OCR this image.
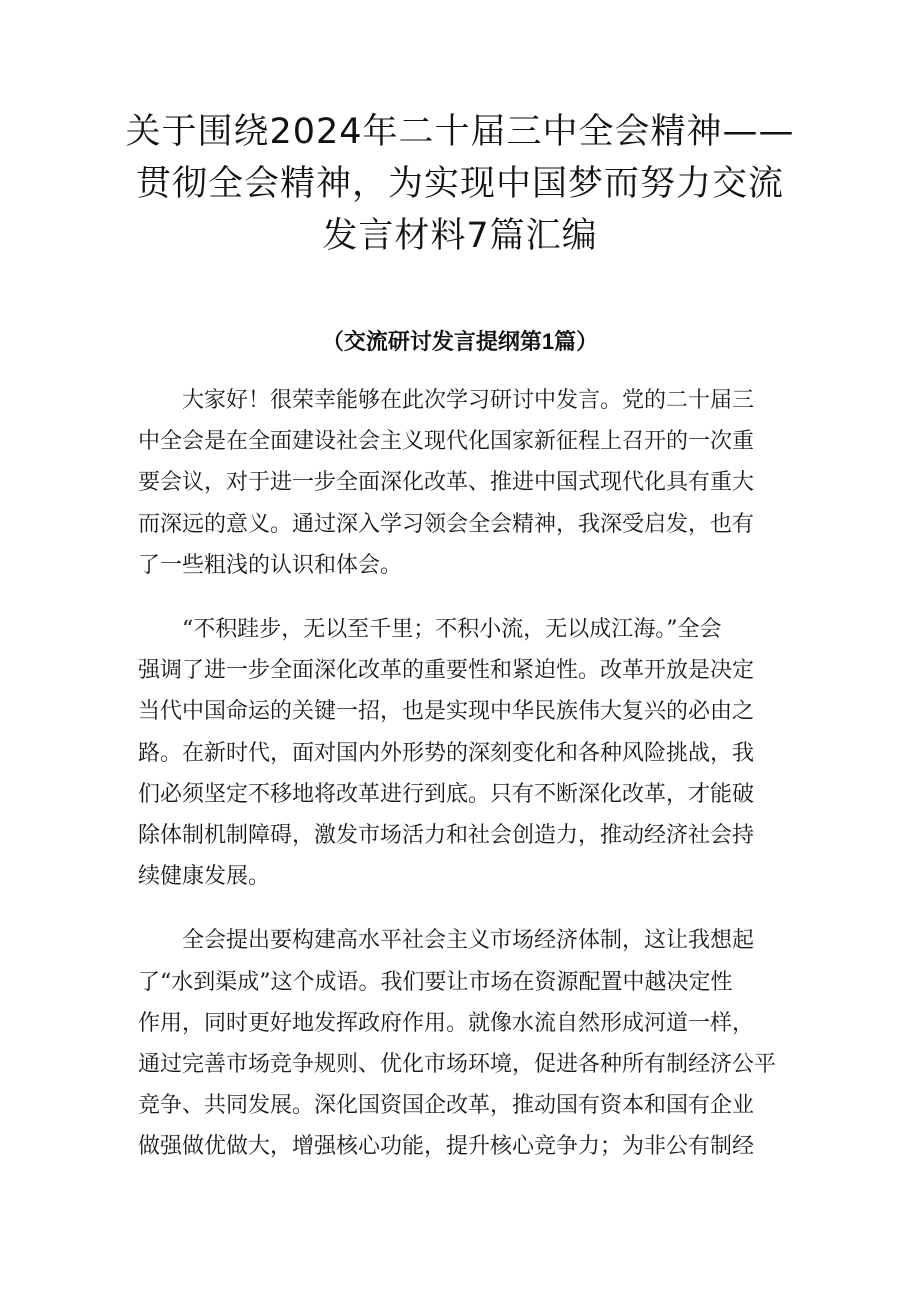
关于围绕2024年二十届三中全会精神——
贯彻全会精神，为实现中国梦而努力交流
发言材料7篇汇编
（交流研讨发言提纲第1篇）
大家好！很荣幸能够在此次学习研讨中发言。党的二十届三
中全会是在全面建设社会主义现代化国家新征程上召开的一次重
要会议，对于进一步全面深化改革、推进中国式现代化具有重大
而深远的意义。通过深入学习领会全会精神，我深受启发，也有
了一些粗浅的认识和体会。
“不积跬步，无以至千里；不积小流，无以成江海。”全会
强调了进一步全面深化改革的重要性和紧迫性。改革开放是决定
当代中国命运的关键一招，也是实现中华民族伟大复兴的必由之
路。在新时代，面对国内外形势的深刻变化和各种风险挑战，我
们必须坚定不移地将改革进行到底。只有不断深化改革，才能破
除体制机制障碍，激发市场活力和社会创造力，推动经济社会持
续健康发展。
全会提出要构建高水平社会主义市场经济体制，这让我想起
了“水到渠成”这个成语。我们要让市场在资源配置中越决定性
作用，同时更好地发挥政府作用。就像水流自然形成河道一样，
通过完善市场竞争规则、优化市场环境，促进各种所有制经济公平
竞争、共同发展。深化国资国企改革，推动国有资本和国有企业
做强做优做大，增强核心功能，提升核心竞争力；为非公有制经
